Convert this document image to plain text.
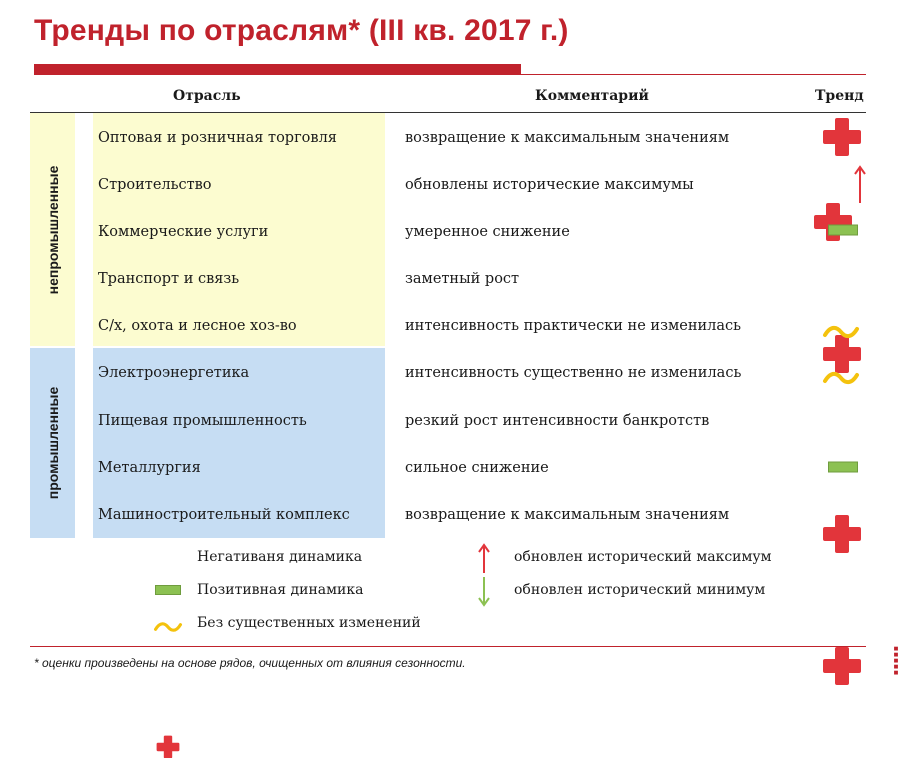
Тренды по отраслям* (III кв. 2017 г.)
Отрасль	Комментарий	Тренд
непромышленные
промышленные
Оптовая и розничная торговля	возвращение к максимальным значениям
Строительство	обновлены исторические максимумы
Коммерческие услуги	умеренное снижение
Транспорт и связь	заметный рост
С/х, охота и лесное хоз-во	интенсивность практически не изменилась
Электроэнергетика	интенсивность существенно не изменилась
Пищевая промышленность	резкий рост интенсивности банкротств
Металлургия	сильное снижение
Машиностроительный комплекс	возвращение к максимальным значениям
Негативаня динамика
Позитивная динамика
Без существенных изменений
обновлен исторический максимум
обновлен исторический минимум
* оценки произведены на основе рядов, очищенных от влияния сезонности.
■
■
■
■
■
